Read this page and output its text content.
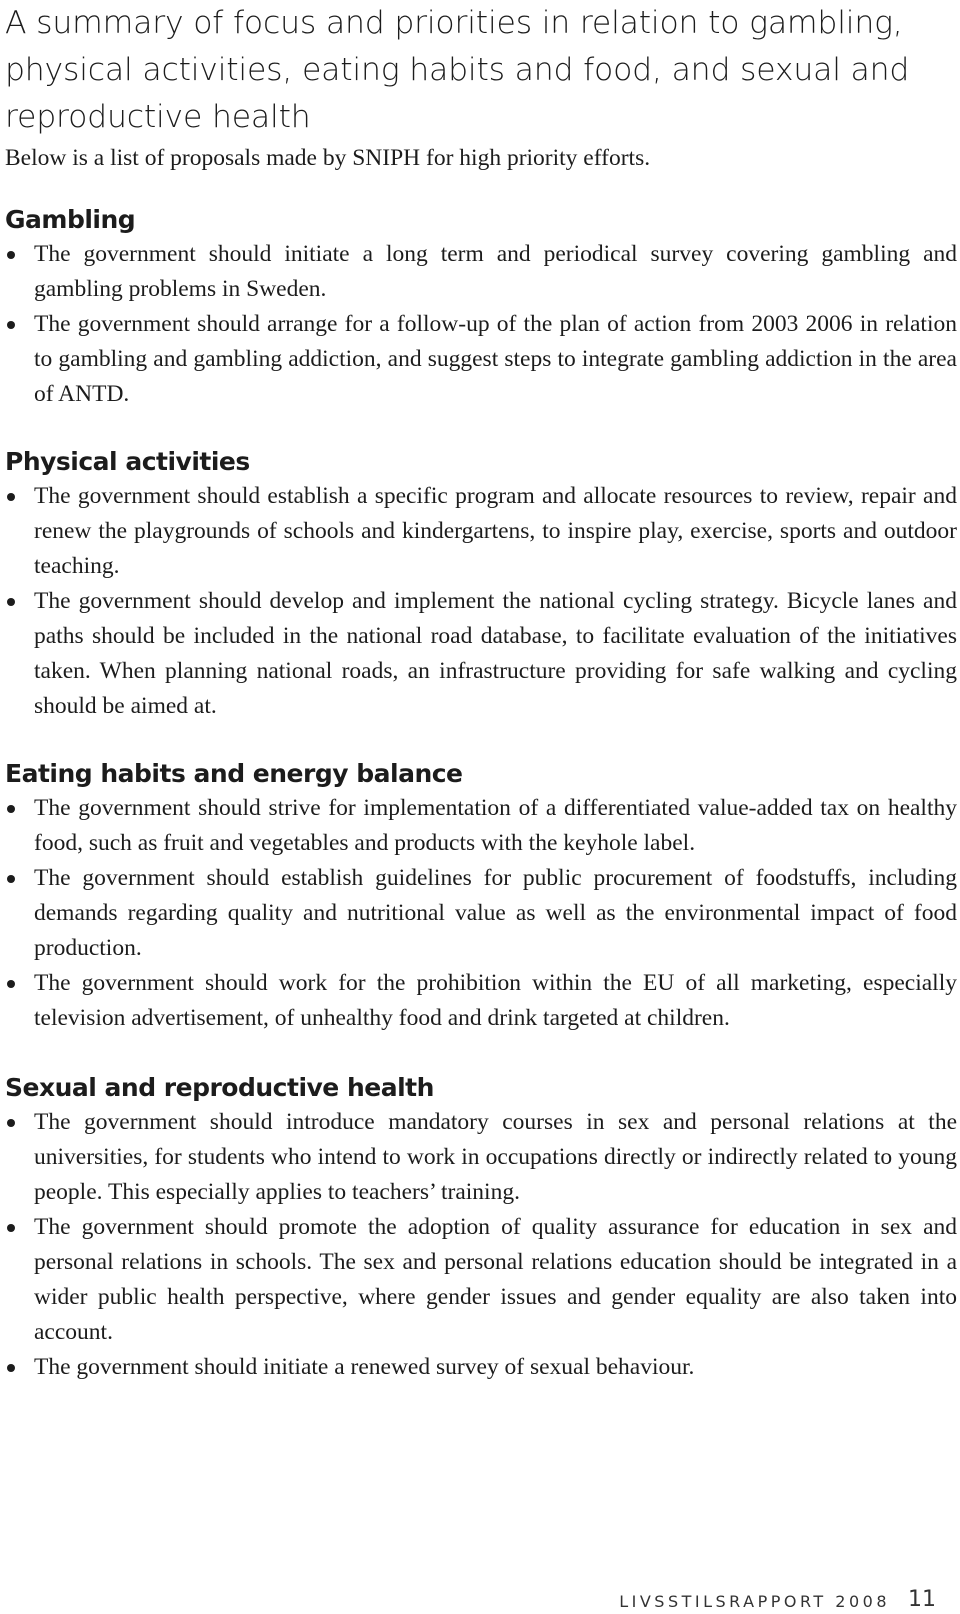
A summary of focus and priorities in relation to gambling, physical activities, eating habits and food, and sexual and reproductive health

Below is a list of proposals made by SNIPH for high priority efforts.

Gambling
The government should initiate a long term and periodical survey covering gambling and gambling problems in Sweden.
The government should arrange for a follow-up of the plan of action from 2003 2006 in relation to gambling and gambling addiction, and suggest steps to integrate gambling addiction in the area of ANTD.
Physical activities
The government should establish a specific program and allocate resources to review, repair and renew the playgrounds of schools and kindergartens, to inspire play, exercise, sports and outdoor teaching.
The government should develop and implement the national cycling strategy. Bicycle lanes and paths should be included in the national road database, to facilitate evaluation of the initiatives taken. When planning national roads, an infrastructure providing for safe walking and cycling should be aimed at.
Eating habits and energy balance
The government should strive for implementation of a differentiated value-added tax on healthy food, such as fruit and vegetables and products with the keyhole label.
The government should establish guidelines for public procurement of foodstuffs, including demands regarding quality and nutritional value as well as the environmental impact of food production.
The government should work for the prohibition within the EU of all marketing, especially television advertisement, of unhealthy food and drink targeted at children.
Sexual and reproductive health
The government should introduce mandatory courses in sex and personal relations at the universities, for students who intend to work in occupations directly or indirectly related to young people. This especially applies to teachers’ training.
The government should promote the adoption of quality assurance for education in sex and personal relations in schools. The sex and personal relations education should be integrated in a wider public health perspective, where gender issues and gender equality are also taken into account.
The government should initiate a renewed survey of sexual behaviour.
LIVSSTILSRAPPORT 2008 11
